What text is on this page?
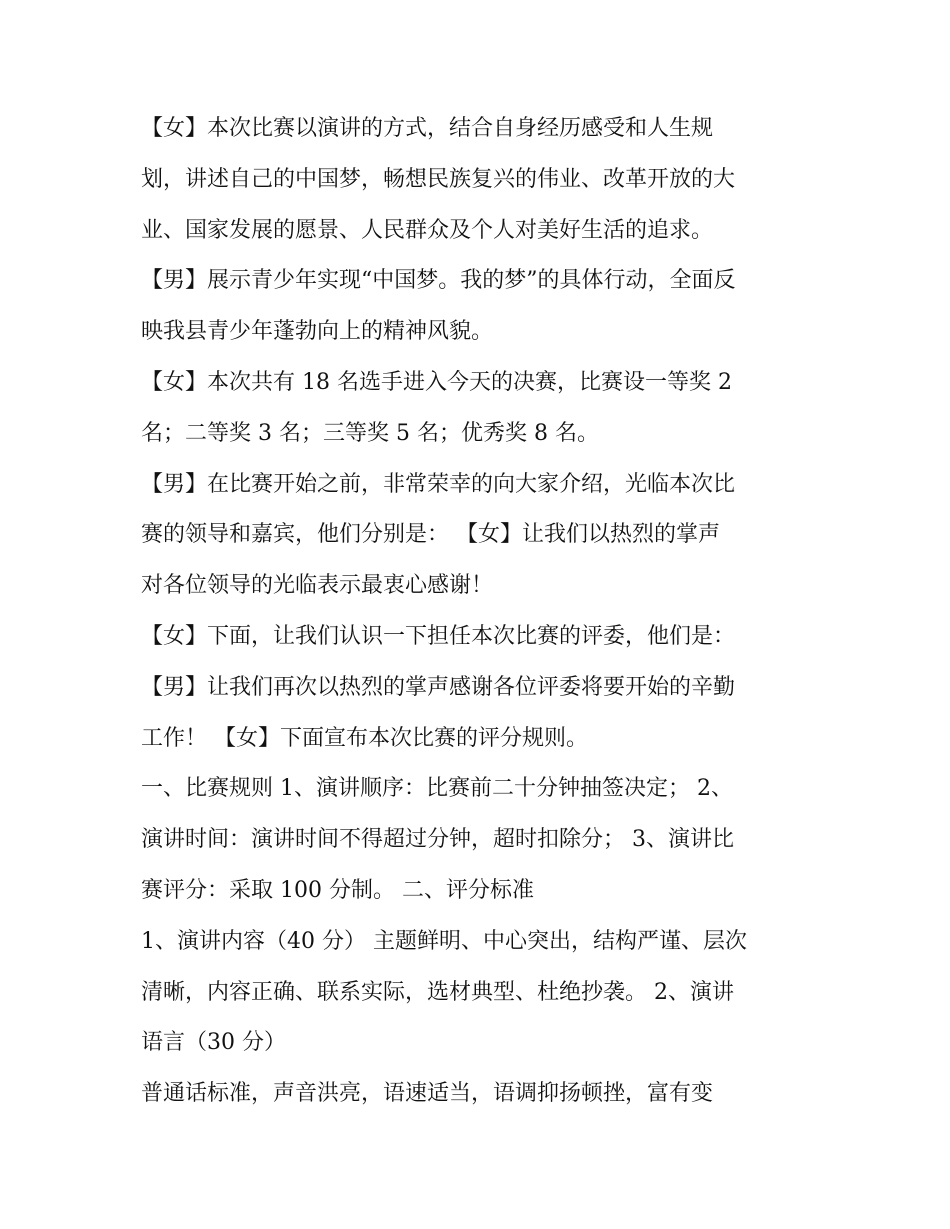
【女】本次比赛以演讲的方式，结合自身经历感受和人生规
划，讲述自己的中国梦，畅想民族复兴的伟业、改革开放的大
业、国家发展的愿景、人民群众及个人对美好生活的追求。
【男】展示青少年实现“中国梦。我的梦”的具体行动，全面反
映我县青少年蓬勃向上的精神风貌。
【女】本次共有 18 名选手进入今天的决赛，比赛设一等奖 2
名；二等奖 3 名；三等奖 5 名；优秀奖 8 名。
【男】在比赛开始之前，非常荣幸的向大家介绍，光临本次比
赛的领导和嘉宾，他们分别是： 【女】让我们以热烈的掌声
对各位领导的光临表示最衷心感谢！
【女】下面，让我们认识一下担任本次比赛的评委，他们是：
【男】让我们再次以热烈的掌声感谢各位评委将要开始的辛勤
工作！ 【女】下面宣布本次比赛的评分规则。
一、比赛规则 1、演讲顺序：比赛前二十分钟抽签决定； 2、
演讲时间：演讲时间不得超过分钟，超时扣除分； 3、演讲比
赛评分：采取 100 分制。 二、评分标准
1、演讲内容（40 分） 主题鲜明、中心突出，结构严谨、层次
清晰，内容正确、联系实际，选材典型、杜绝抄袭。 2、演讲
语言（30 分）
普通话标准，声音洪亮，语速适当，语调抑扬顿挫，富有变
